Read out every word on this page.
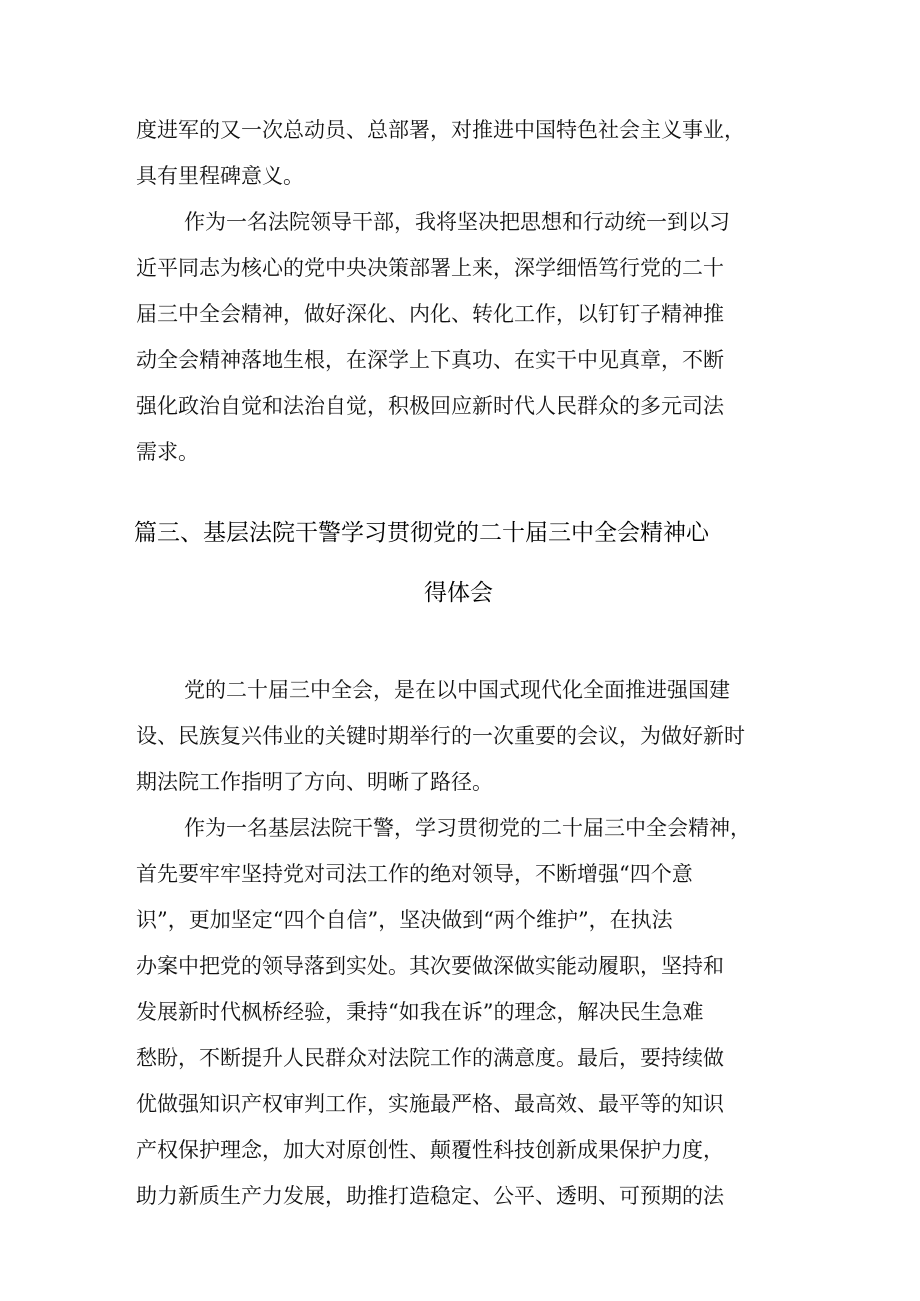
度进军的又一次总动员、总部署，对推进中国特色社会主义事业，
具有里程碑意义。
作为一名法院领导干部，我将坚决把思想和行动统一到以习
近平同志为核心的党中央决策部署上来，深学细悟笃行党的二十
届三中全会精神，做好深化、内化、转化工作，以钉钉子精神推
动全会精神落地生根，在深学上下真功、在实干中见真章，不断
强化政治自觉和法治自觉，积极回应新时代人民群众的多元司法
需求。
篇三、基层法院干警学习贯彻党的二十届三中全会精神心
得体会
党的二十届三中全会，是在以中国式现代化全面推进强国建
设、民族复兴伟业的关键时期举行的一次重要的会议，为做好新时
期法院工作指明了方向、明晰了路径。
作为一名基层法院干警，学习贯彻党的二十届三中全会精神，
首先要牢牢坚持党对司法工作的绝对领导，不断增强“四个意
识”，更加坚定“四个自信”，坚决做到“两个维护”，在执法
办案中把党的领导落到实处。其次要做深做实能动履职，坚持和
发展新时代枫桥经验，秉持“如我在诉”的理念，解决民生急难
愁盼，不断提升人民群众对法院工作的满意度。最后，要持续做
优做强知识产权审判工作，实施最严格、最高效、最平等的知识
产权保护理念，加大对原创性、颠覆性科技创新成果保护力度，
助力新质生产力发展，助推打造稳定、公平、透明、可预期的法
